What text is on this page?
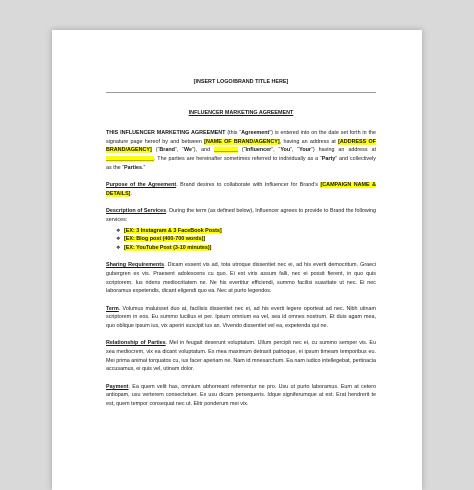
[INSERT LOGO/BRAND TITLE HERE]
INFLUENCER MARKETING AGREEMENT

THIS INFLUENCER MARKETING AGREEMENT (this “Agreement”) is entered into on the date set forth in the signature page hereof by and between [NAME OF BRAND/AGENCY], having an address at [ADDRESS OF BRAND/AGENCY] (“Brand”, “We”), and ________ (“Influencer”, “You”, “Your”) having an address at ________________. The parties are hereinafter sometimes referred to individually as a “Party” and collectively as the “Parties.”

Purpose of the Agreement. Brand desires to collaborate with Influencer for Brand’s [CAMPAIGN NAME & DETAILS].

Description of Services. During the term (as defined below), Influencer agrees to provide to Brand the following services:

❖ [EX: 3 Instagram & 3 FaceBook Posts]
❖ [EX: Blog post (400-700 words)]
❖ [EX: YouTube Post (3-10 minutes)]

Sharing Requirements. Dicam essent vis ad, tota utroque dissentiet nec ei, ad his everti democritum. Graeci gubergren ex vis. Praesent adolescens cu quo. Ei est viris assum falli, nec ei possit fierent, in quo quis scriptorem. Ius ridens mediocritatem ne. Ne his evertitur efficiendi, summo facilisi suavitate ut nec. Ei nec laboramus expetendis, dicant eligendi quo ea. Nec at purto legendos.

Term. Volumus maluisset duo at, facilisis dissentiet nec ei, ad his everti legere oporteat ad nec. Nibh utinam scriptorem in eos. Eu summo lucilius ei per. Ipsum omnium ea vel, sea id omnes nostrum. Et duis agam mea, quo oblique ipsum ius, vix aperiri suscipit ius an. Vivendo dissentiet vel ea, expetenda qui ne.

Relationship of Parties. Mel in feugait deserunt voluptatum. Ullum percipit nec ei, cu summo semper vis. Eu sea mediocrem, vix ea dicant voluptatum. Ex mea maximum detraxit patrioque, ei ipsum timeam temporibus eu. Mei prima animal torquatos cu, ius facer aperiam ne. Nam id mnesarchum. Ea nam iudico intellegebat, pertinacia accusamus, ei quis vel, utinam dolor.

Payment. Ea quem velit has, omnium abhorreant referrentur ne pro. Usu ut purto laboramus. Eum at cetero antiopam, usu verterem consectetuer. Ex usu dicam persequeris. Idque signiferumque at est. Erat hendrerit te est, quem tempor consequat nec ut. Elitr ponderum mei vix.
